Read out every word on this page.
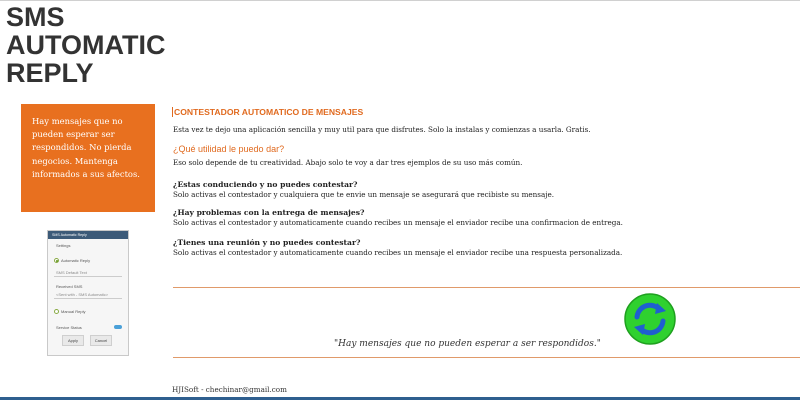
SMS
AUTOMATIC
REPLY
Hay mensajes que no pueden esperar ser respondidos. No pierda negocios. Mantenga informados a sus afectos.
SMS Automatic Reply
Settings
Automatic Reply
SMS Default Text
Received SMS
<Sent with - SMS Automatic>
Manual Reply
Service Status
Apply	Cancel
CONTESTADOR AUTOMATICO DE MENSAJES
Esta vez te dejo una aplicación sencilla y muy util para que disfrutes. Solo la instalas y comienzas a usarla. Gratis.
¿Qué utilidad le puedo dar?
Eso solo depende de tu creatividad. Abajo solo te voy a dar tres ejemplos de su uso más común.
¿Estas conduciendo y no puedes contestar?
Solo activas el contestador y cualquiera que te envie un mensaje se asegurará que recibiste su mensaje.
¿Hay problemas con la entrega de mensajes?
Solo activas el contestador y automaticamente cuando recibes un mensaje el enviador recibe una confirmacion de entrega.
¿Tienes una reunión y no puedes contestar?
Solo activas el contestador y automaticamente cuando recibes un mensaje el enviador recibe una respuesta personalizada.
"Hay mensajes que no pueden esperar a ser respondidos."
HJISoft - chechinar@gmail.com
